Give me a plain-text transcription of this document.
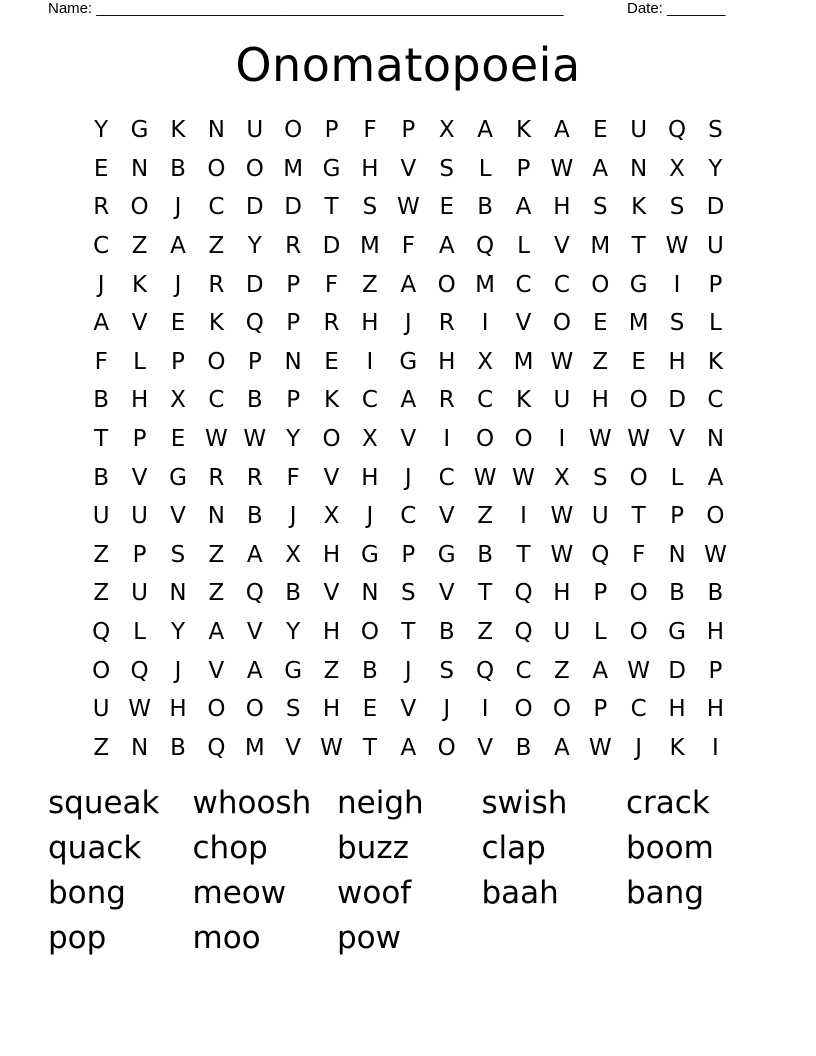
Name: ________________________________________________________	Date: _______
Onomatopoeia
Y G K N U O P	F	P	X A K A	E U Q S
E N B O O M G H V	S	L	P W A N X	Y
R O	J	C D D T	S W E	B A H S	K	S D
C Z A Z	Y	R D M F	A Q L	V M T W U
J	K	J	R D P	F	Z A O M C C O G	I	P
A V	E	K Q P	R H	J	R	I	V O E M S	L
F	L	P O P N E	I	G H X M W Z	E H K
B H X C B	P	K C A R C K U H O D C
T	P	E W W Y O X V	I	O O	I	W W V N
B V G R R	F	V H	J	C W W X	S O L	A
U U V N B	J	X	J	C V Z	I	W U T	P O
Z	P	S	Z A X H G P G B	T W Q F	N W
Z U N Z Q B V N S	V	T Q H P O B B
Q L	Y	A V	Y H O T	B Z Q U	L O G H
O Q	J	V A G Z B	J	S Q C Z A W D P
U W H O O S H E	V	J	I	O O P	C H H
Z N B Q M V W T	A O V B A W	J	K	I
squeak	whoosh neigh	swish	crack
quack	chop	buzz	clap	boom
bong	meow	woof	baah	bang
pop	moo	pow
